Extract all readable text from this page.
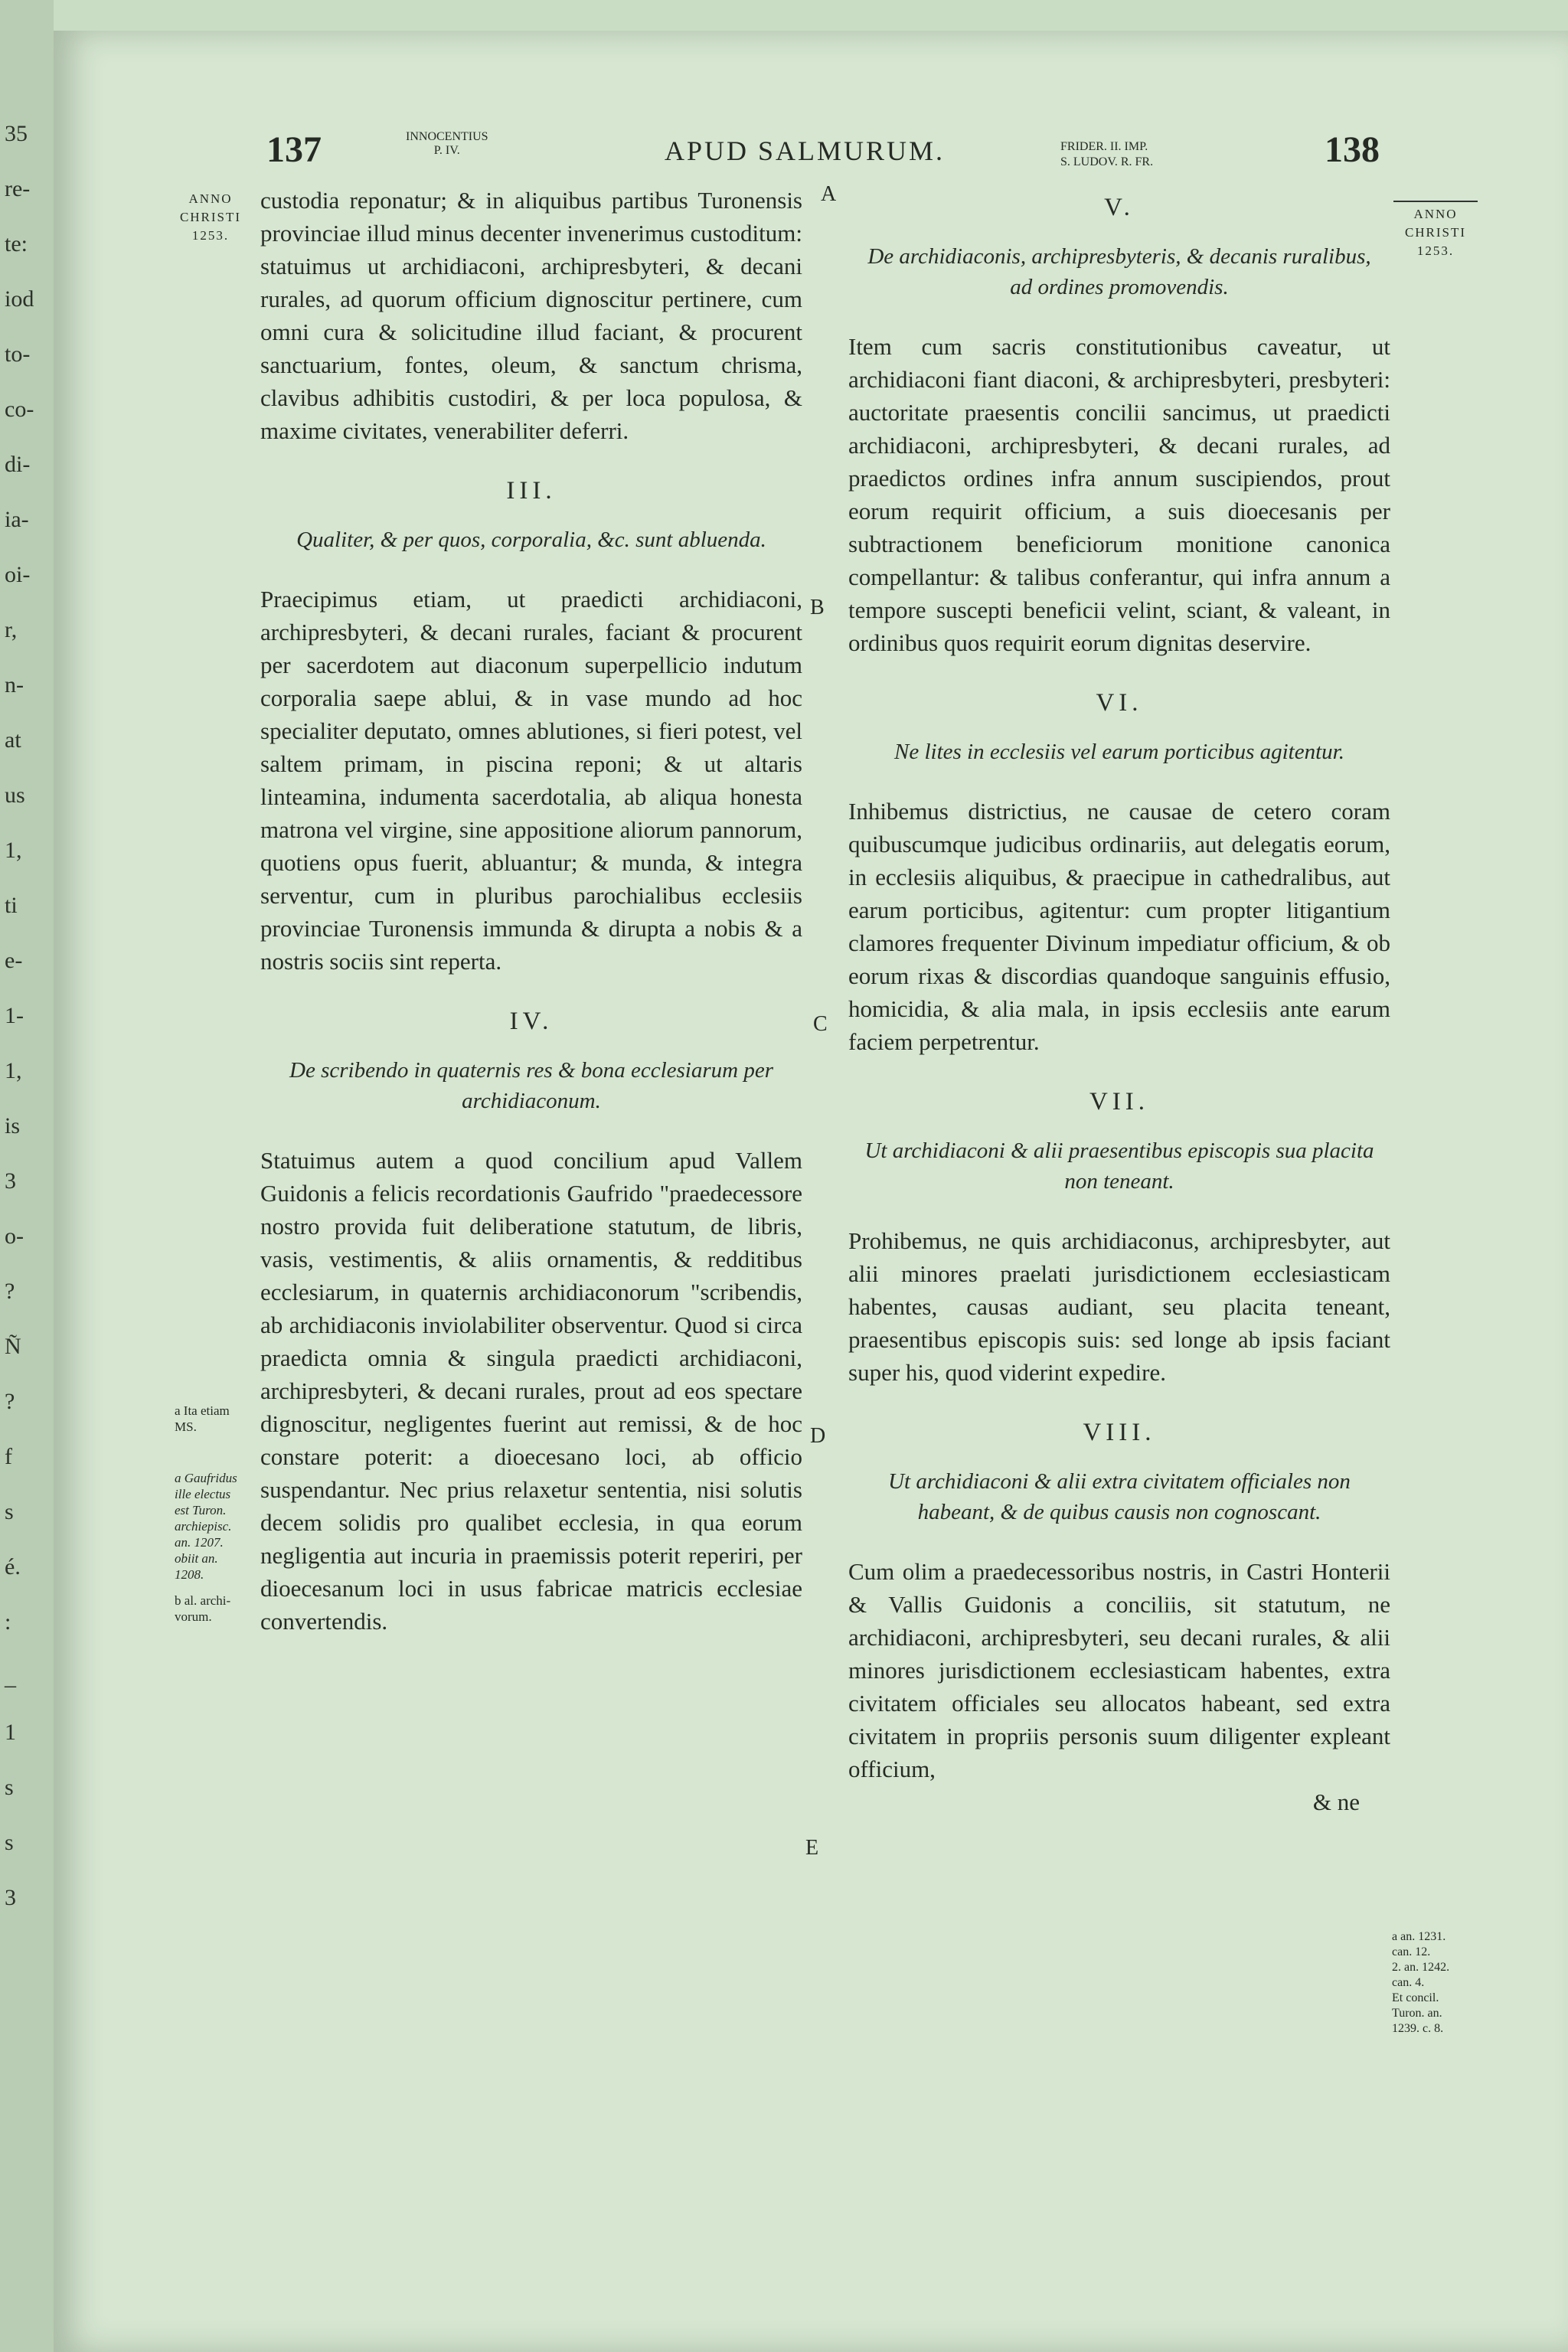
35
re-
te:
iod
to-
co-
di-
ia-
oi-
r,
n-
at
us
1,
ti
e-
1-
1,
is
3
o-
?
Ñ
?
f
s
é.
:
_
1
s
s
3
137	INNOCENTIUS
P. IV.	APUD SALMURUM.	FRIDER. II. IMP.
S. LUDOV. R. FR.	138
ANNO
CHRISTI
1253.
a Ita etiam
MS.
a Gaufridus
ille electus
est Turon.
archiepisc.
an. 1207.
obiit an.
1208.
b al. archi-
vorum.
ANNO
CHRISTI
1253.
a an. 1231.
can. 12.
2. an. 1242.
can. 4.
Et concil.
Turon. an.
1239. c. 8.
A
B
C
D
E

custodia reponatur; & in aliquibus partibus Turonensis provinciae illud minus decenter invenerimus custoditum: statuimus ut archidiaconi, archipresbyteri, & decani rurales, ad quorum officium dignoscitur pertinere, cum omni cura & solicitudine illud faciant, & procurent sanctuarium, fontes, oleum, & sanctum chrisma, clavibus adhibitis custodiri, & per loca populosa, & maxime civitates, venerabiliter deferri.

III.
Qualiter, & per quos, corporalia, &c. sunt abluenda.

Praecipimus etiam, ut praedicti archidiaconi, archipresbyteri, & decani rurales, faciant & procurent per sacerdotem aut diaconum superpellicio indutum corporalia saepe ablui, & in vase mundo ad hoc specialiter deputato, omnes ablutiones, si fieri potest, vel saltem primam, in piscina reponi; & ut altaris linteamina, indumenta sacerdotalia, ab aliqua honesta matrona vel virgine, sine appositione aliorum pannorum, quotiens opus fuerit, abluantur; & munda, & integra serventur, cum in pluribus parochialibus ecclesiis provinciae Turonensis immunda & dirupta a nobis & a nostris sociis sint reperta.

IV.
De scribendo in quaternis res & bona ecclesiarum per archidiaconum.

Statuimus autem a quod concilium apud Vallem Guidonis a felicis recordationis Gaufrido "praedecessore nostro provida fuit deliberatione statutum, de libris, vasis, vestimentis, & aliis ornamentis, & redditibus ecclesiarum, in quaternis archidiaconorum "scribendis, ab archidiaconis inviolabiliter observentur. Quod si circa praedicta omnia & singula praedicti archidiaconi, archipresbyteri, & decani rurales, prout ad eos spectare dignoscitur, negligentes fuerint aut remissi, & de hoc constare poterit: a dioecesano loci, ab officio suspendantur. Nec prius relaxetur sententia, nisi solutis decem solidis pro qualibet ecclesia, in qua eorum negligentia aut incuria in praemissis poterit reperiri, per dioecesanum loci in usus fabricae matricis ecclesiae convertendis.

V.
De archidiaconis, archipresbyteris, & decanis ruralibus, ad ordines promovendis.

Item cum sacris constitutionibus caveatur, ut archidiaconi fiant diaconi, & archipresbyteri, presbyteri: auctoritate praesentis concilii sancimus, ut praedicti archidiaconi, archipresbyteri, & decani rurales, ad praedictos ordines infra annum suscipiendos, prout eorum requirit officium, a suis dioecesanis per subtractionem beneficiorum monitione canonica compellantur: & talibus conferantur, qui infra annum a tempore suscepti beneficii velint, sciant, & valeant, in ordinibus quos requirit eorum dignitas deservire.

VI.
Ne lites in ecclesiis vel earum porticibus agitentur.

Inhibemus districtius, ne causae de cetero coram quibuscumque judicibus ordinariis, aut delegatis eorum, in ecclesiis aliquibus, & praecipue in cathedralibus, aut earum porticibus, agitentur: cum propter litigantium clamores frequenter Divinum impediatur officium, & ob eorum rixas & discordias quandoque sanguinis effusio, homicidia, & alia mala, in ipsis ecclesiis ante earum faciem perpetrentur.

VII.
Ut archidiaconi & alii praesentibus episcopis sua placita non teneant.

Prohibemus, ne quis archidiaconus, archipresbyter, aut alii minores praelati jurisdictionem ecclesiasticam habentes, causas audiant, seu placita teneant, praesentibus episcopis suis: sed longe ab ipsis faciant super his, quod viderint expedire.

VIII.
Ut archidiaconi & alii extra civitatem officiales non habeant, & de quibus causis non cognoscant.

Cum olim a praedecessoribus nostris, in Castri Honterii & Vallis Guidonis a conciliis, sit statutum, ne archidiaconi, archipresbyteri, seu decani rurales, & alii minores jurisdictionem ecclesiasticam habentes, extra civitatem officiales seu allocatos habeant, sed extra civitatem in propriis personis suum diligenter expleant officium,

& ne
